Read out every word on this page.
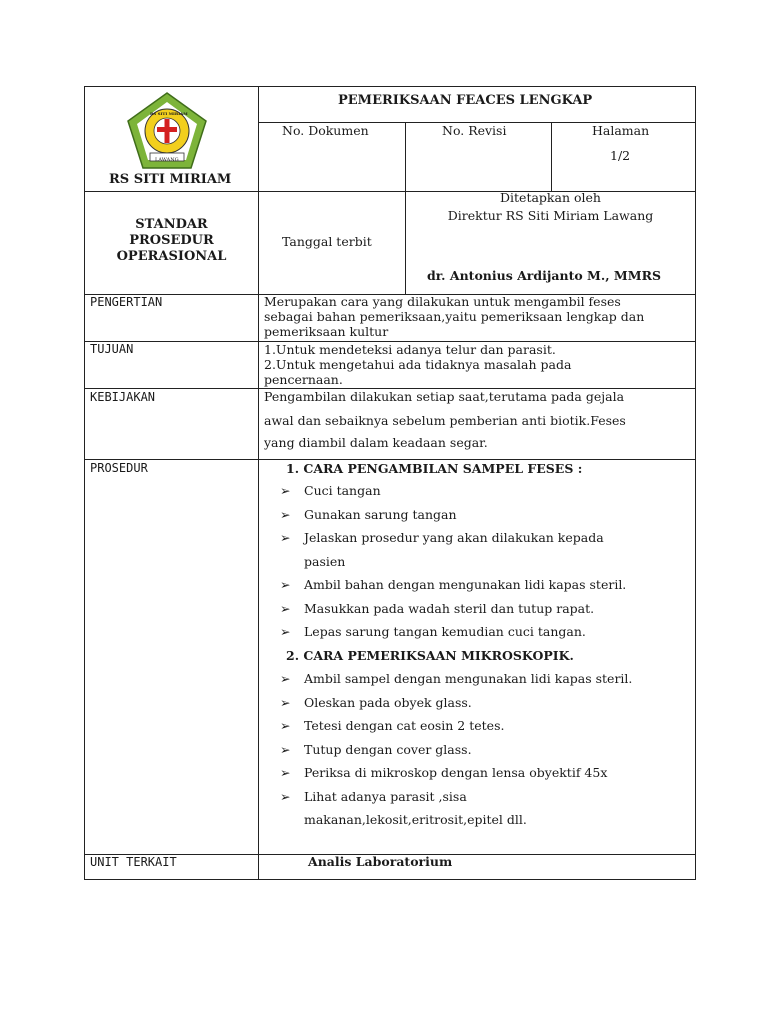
RS SITI MIRIAM
LAWANG
RS SITI MIRIAM
PEMERIKSAAN FEACES LENGKAP
No. Dokumen	No. Revisi	Halaman
1/2
STANDAR
PROSEDUR
OPERASIONAL
Tanggal terbit
Ditetapkan oleh
Direktur RS Siti Miriam Lawang
dr. Antonius Ardijanto M., MMRS
PENGERTIAN	Merupakan cara yang dilakukan untuk mengambil feses
sebagai bahan pemeriksaan,yaitu pemeriksaan lengkap dan
pemeriksaan kultur
TUJUAN	1.Untuk mendeteksi adanya telur dan parasit.
2.Untuk mengetahui ada tidaknya masalah pada
pencernaan.
KEBIJAKAN	Pengambilan dilakukan setiap saat,terutama pada gejala
awal dan sebaiknya sebelum pemberian anti biotik.Feses
yang diambil dalam keadaan segar.
PROSEDUR	1. CARA PENGAMBILAN SAMPEL FESES :
➢ Cuci tangan
➢ Gunakan sarung tangan
➢ Jelaskan prosedur yang akan dilakukan kepada
pasien
➢ Ambil bahan dengan mengunakan lidi kapas steril.
➢ Masukkan pada wadah steril dan tutup rapat.
➢ Lepas sarung tangan kemudian cuci tangan.
2. CARA PEMERIKSAAN MIKROSKOPIK.
➢ Ambil sampel dengan mengunakan lidi kapas steril.
➢ Oleskan pada obyek glass.
➢ Tetesi dengan cat eosin 2 tetes.
➢ Tutup dengan cover glass.
➢ Periksa di mikroskop dengan lensa obyektif 45x
➢ Lihat adanya parasit ,sisa
makanan,lekosit,eritrosit,epitel dll.
UNIT TERKAIT	Analis Laboratorium
